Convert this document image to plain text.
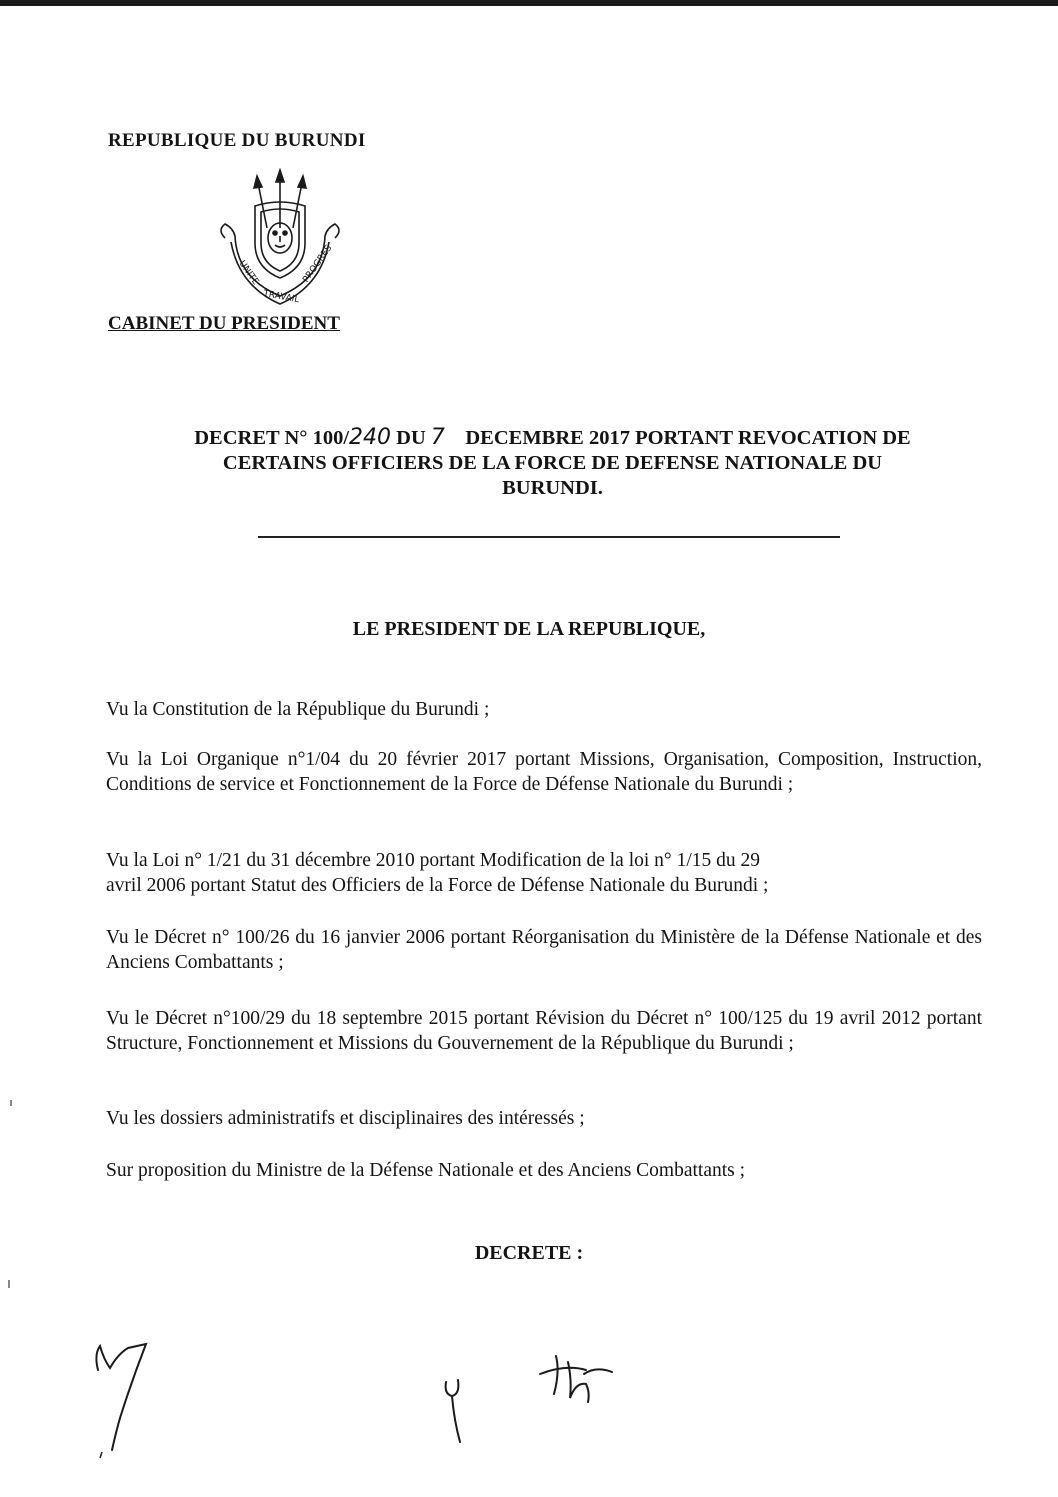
REPUBLIQUE DU BURUNDI
UNITE
TRAVAIL
PROGRES
CABINET DU PRESIDENT
DECRET N° 100/240 DU 7 DECEMBRE 2017 PORTANT REVOCATION DE
CERTAINS OFFICIERS DE LA FORCE DE DEFENSE NATIONALE DU
BURUNDI.
LE PRESIDENT DE LA REPUBLIQUE,
Vu la Constitution de la République du Burundi ;
Vu la Loi Organique n°1/04 du 20 février 2017 portant Missions, Organisation, Composition, Instruction, Conditions de service et Fonctionnement de la Force de Défense Nationale du Burundi ;
Vu la Loi n° 1/21 du 31 décembre 2010 portant Modification de la loi n° 1/15 du 29
avril 2006 portant Statut des Officiers de la Force de Défense Nationale du Burundi ;
Vu le Décret n° 100/26 du 16 janvier 2006 portant Réorganisation du Ministère de la Défense Nationale et des Anciens Combattants ;
Vu le Décret n°100/29 du 18 septembre 2015 portant Révision du Décret n° 100/125 du 19 avril 2012 portant Structure, Fonctionnement et Missions du Gouvernement de la République du Burundi ;
Vu les dossiers administratifs et disciplinaires des intéressés ;
Sur proposition du Ministre de la Défense Nationale et des Anciens Combattants ;
DECRETE :
